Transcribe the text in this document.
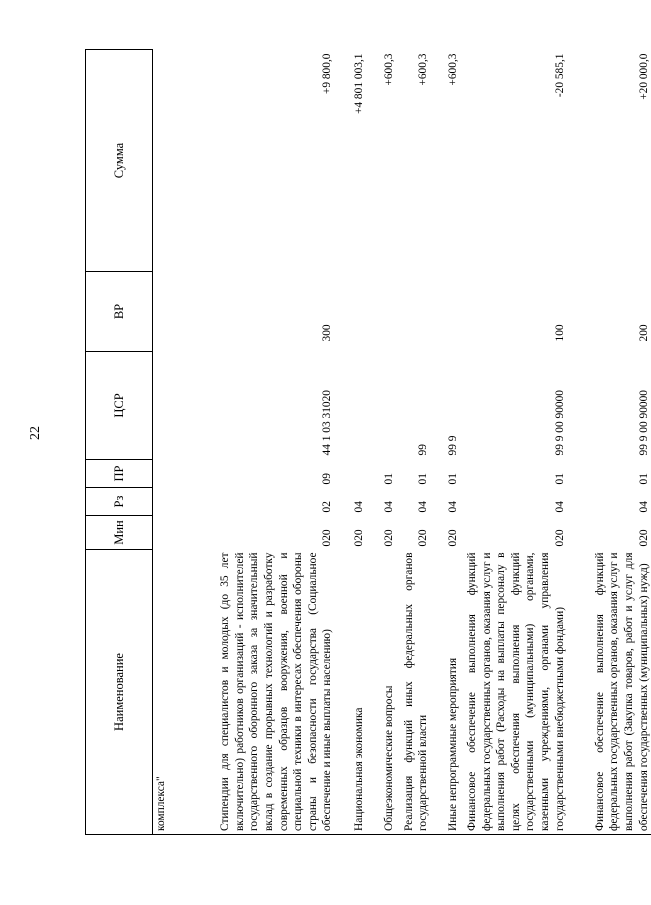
22
Наименование	Мин	Рз	ПР	ЦСР	ВР	Сумма
комплекса"						
Стипендии для специалистов и молодых (до 35 лет включительно) работников организаций - исполнителей государственного оборонного заказа за значительный вклад в создание прорывных технологий и разработку современных образцов вооружения, военной и специальной техники в интересах обеспечения обороны страны и безопасности государства (Социальное обеспечение и иные выплаты населению)	020	02	09	44 1 03 31020	300	+9 800,0
Национальная экономика	020	04				+4 801 003,1
Общеэкономические вопросы	020	04	01			+600,3
Реализация функций иных федеральных органов государственной власти	020	04	01	99		+600,3
Иные непрограммные мероприятия	020	04	01	99 9		+600,3
Финансовое обеспечение выполнения функций федеральных государственных органов, оказания услуг и выполнения работ (Расходы на выплаты персоналу в целях обеспечения выполнения функций государственными (муниципальными) органами, казенными учреждениями, органами управления государственными внебюджетными фондами)	020	04	01	99 9 00 90000	100	-20 585,1
Финансовое обеспечение выполнения функций федеральных государственных органов, оказания услуг и выполнения работ (Закупка товаров, работ и услуг для обеспечения государственных (муниципальных) нужд)	020	04	01	99 9 00 90000	200	+20 000,0
